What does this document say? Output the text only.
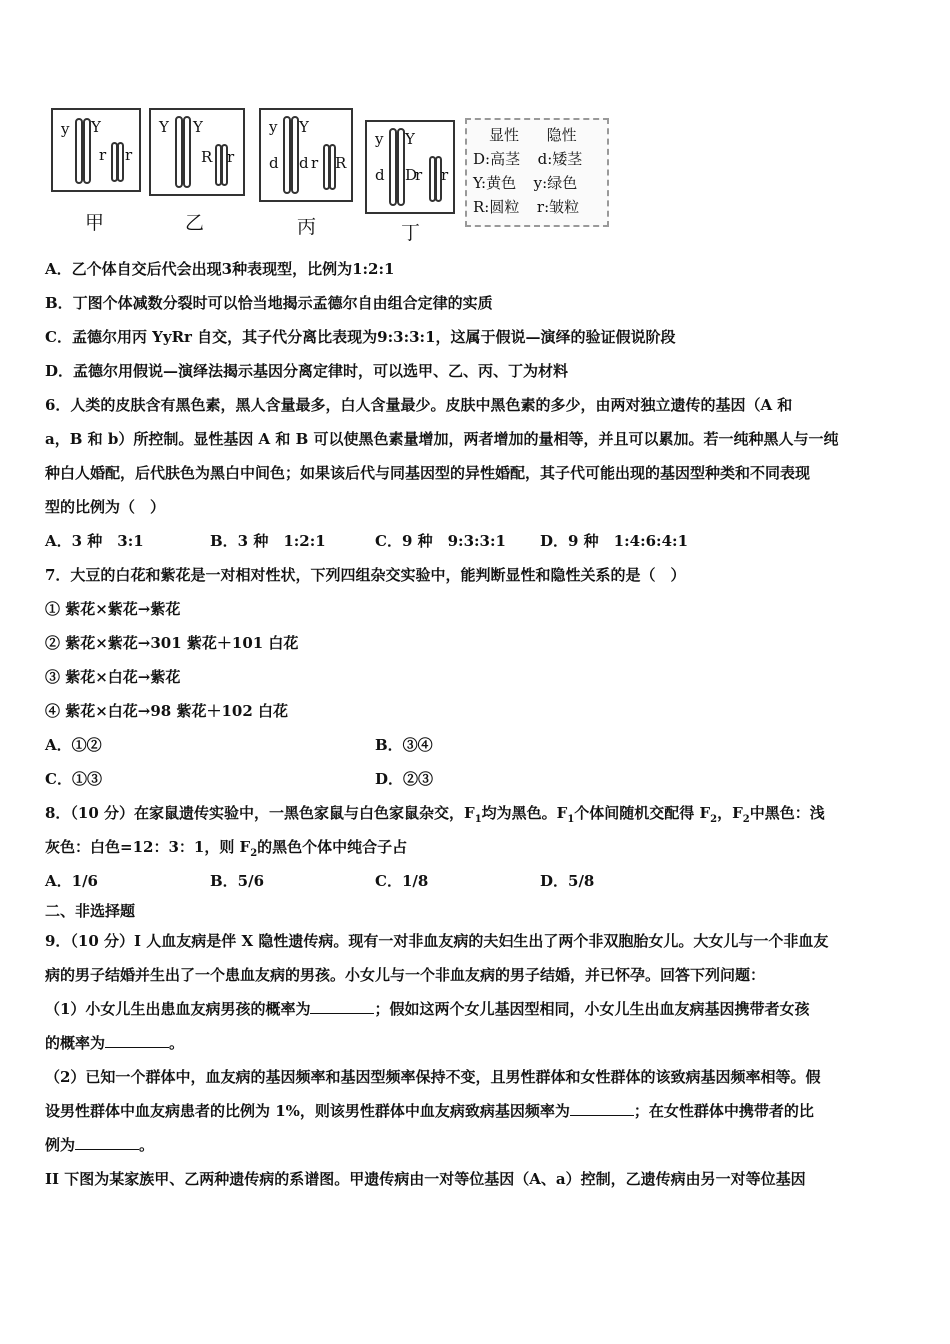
y Y
r r
甲
Y Y
R r
乙
y Y
d d r R
丙
y Y
d D
r r
丁
显性 隐性
D:高茎 d:矮茎
Y:黄色 y:绿色
R:圆粒 r:皱粒
A．乙个体自交后代会出现3种表现型，比例为1:2:1
B．丁图个体减数分裂时可以恰当地揭示孟德尔自由组合定律的实质
C．孟德尔用丙 YyRr 自交，其子代分离比表现为9:3:3:1，这属于假说—演绎的验证假说阶段
D．孟德尔用假说—演绎法揭示基因分离定律时，可以选甲、乙、丙、丁为材料
6．人类的皮肤含有黑色素，黑人含量最多，白人含量最少。皮肤中黑色素的多少，由两对独立遗传的基因（A 和
a，B 和 b）所控制。显性基因 A 和 B 可以使黑色素量增加，两者增加的量相等，并且可以累加。若一纯种黑人与一纯
种白人婚配，后代肤色为黑白中间色；如果该后代与同基因型的异性婚配，其子代可能出现的基因型种类和不同表现
型的比例为（　）
A．3 种　3:1	B．3 种　1:2:1	C．9 种　9:3:3:1	D．9 种　1:4:6:4:1
7．大豆的白花和紫花是一对相对性状，下列四组杂交实验中，能判断显性和隐性关系的是（　）
① 紫花×紫花→紫花
② 紫花×紫花→301 紫花＋101 白花
③ 紫花×白花→紫花
④ 紫花×白花→98 紫花＋102 白花
A．①②	B．③④
C．①③	D．②③
8．（10 分）在家鼠遗传实验中，一黑色家鼠与白色家鼠杂交，$F_1$均为黑色。$F_1$个体间随机交配得 $F_2$，$F_2$中黑色：浅
灰色：白色=12：3：1，则 $F_2$的黑色个体中纯合子占
A．1/6	B．5/6	C．1/8	D．5/8
二、非选择题
9．（10 分）I 人血友病是伴 X 隐性遗传病。现有一对非血友病的夫妇生出了两个非双胞胎女儿。大女儿与一个非血友
病的男子结婚并生出了一个患血友病的男孩。小女儿与一个非血友病的男子结婚，并已怀孕。回答下列问题：
（1）小女儿生出患血友病男孩的概率为	；假如这两个女儿基因型相同，小女儿生出血友病基因携带者女孩
的概率为	。
（2）已知一个群体中，血友病的基因频率和基因型频率保持不变，且男性群体和女性群体的该致病基因频率相等。假
设男性群体中血友病患者的比例为 1%，则该男性群体中血友病致病基因频率为	；在女性群体中携带者的比
例为	。
II 下图为某家族甲、乙两种遗传病的系谱图。甲遗传病由一对等位基因（A、a）控制，乙遗传病由另一对等位基因
